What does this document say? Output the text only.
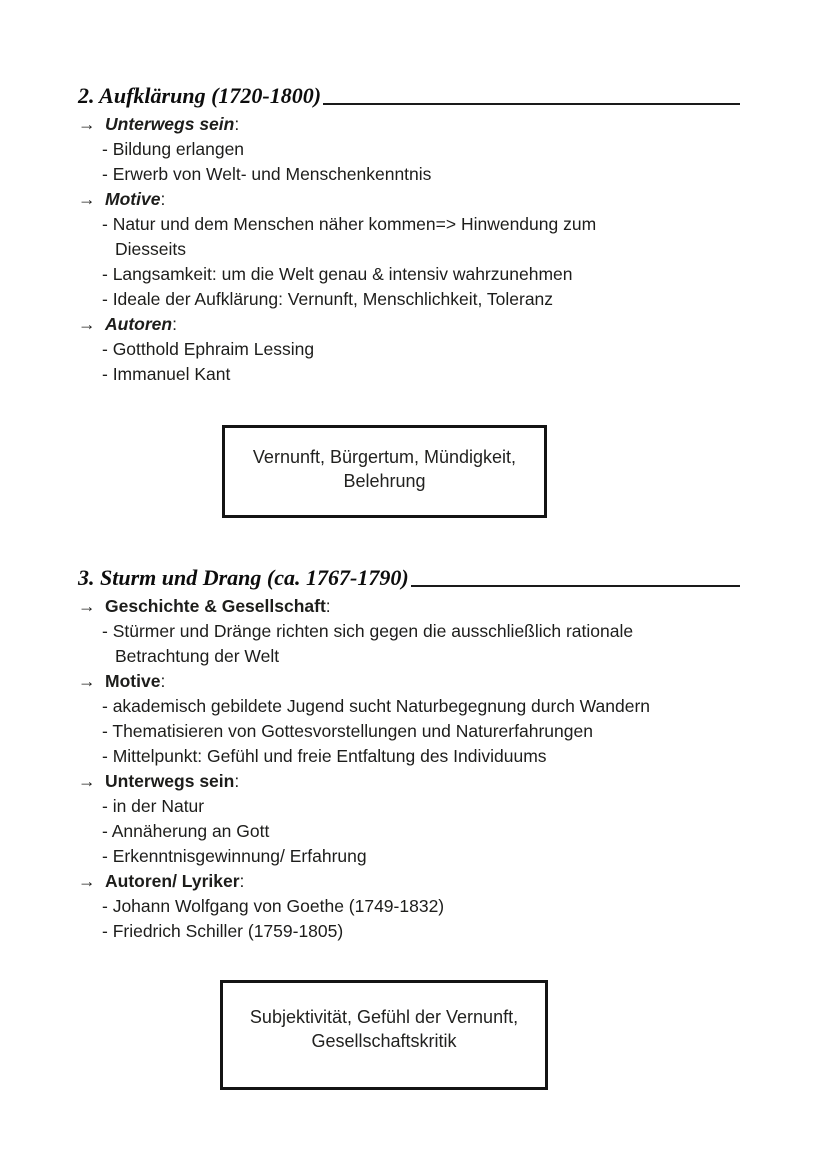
2. Aufklärung (1720-1800)
→ Unterwegs sein:
- Bildung erlangen
- Erwerb von Welt- und Menschenkenntnis
→ Motive:
- Natur und dem Menschen näher kommen=> Hinwendung zum
Diesseits
- Langsamkeit: um die Welt genau & intensiv wahrzunehmen
- Ideale der Aufklärung: Vernunft, Menschlichkeit, Toleranz
→ Autoren:
- Gotthold Ephraim Lessing
- Immanuel Kant
Vernunft, Bürgertum, Mündigkeit,
Belehrung
3. Sturm und Drang (ca. 1767-1790)
→ Geschichte & Gesellschaft:
- Stürmer und Dränge richten sich gegen die ausschließlich rationale
Betrachtung der Welt
→ Motive:
- akademisch gebildete Jugend sucht Naturbegegnung durch Wandern
- Thematisieren von Gottesvorstellungen und Naturerfahrungen
- Mittelpunkt: Gefühl und freie Entfaltung des Individuums
→ Unterwegs sein:
- in der Natur
- Annäherung an Gott
- Erkenntnisgewinnung/ Erfahrung
→ Autoren/ Lyriker:
- Johann Wolfgang von Goethe (1749-1832)
- Friedrich Schiller (1759-1805)
Subjektivität, Gefühl der Vernunft,
Gesellschaftskritik
